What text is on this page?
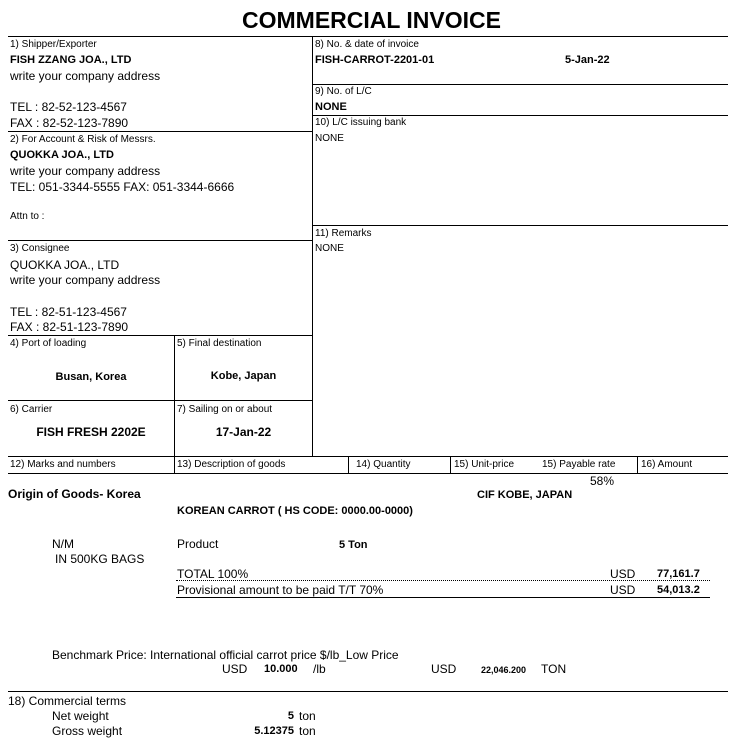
COMMERCIAL INVOICE
1) Shipper/Exporter
FISH ZZANG JOA., LTD
write your company address
TEL : 82-52-123-4567
FAX : 82-52-123-7890
8) No. & date of invoice
FISH-CARROT-2201-01	5-Jan-22
9) No. of L/C
NONE
10) L/C issuing bank
NONE
2) For Account & Risk of Messrs.
QUOKKA JOA., LTD
write your company address
TEL: 051-3344-5555 FAX: 051-3344-6666
Attn to :
11) Remarks
NONE
3) Consignee
QUOKKA JOA., LTD
write your company address
TEL : 82-51-123-4567
FAX : 82-51-123-7890
4) Port of loading
Busan, Korea
5) Final destination
Kobe, Japan
6) Carrier
FISH FRESH 2202E
7) Sailing on or about
17-Jan-22
12) Marks and numbers	13) Description of goods	14) Quantity	15) Unit-price	15) Payable rate	16) Amount
58%
Origin of Goods- Korea	CIF KOBE, JAPAN
KOREAN CARROT ( HS CODE: 0000.00-0000)
N/M
IN 500KG BAGS
Product	5 Ton
TOTAL 100%	USD 77,161.7
Provisional amount to be paid T/T 70%	USD 54,013.2
Benchmark Price: International official carrot price $/lb_Low Price
USD 10.000 /lb	USD	22,046.200 TON
18) Commercial terms
Net weight	5 ton
Gross weight	5.12375 ton
